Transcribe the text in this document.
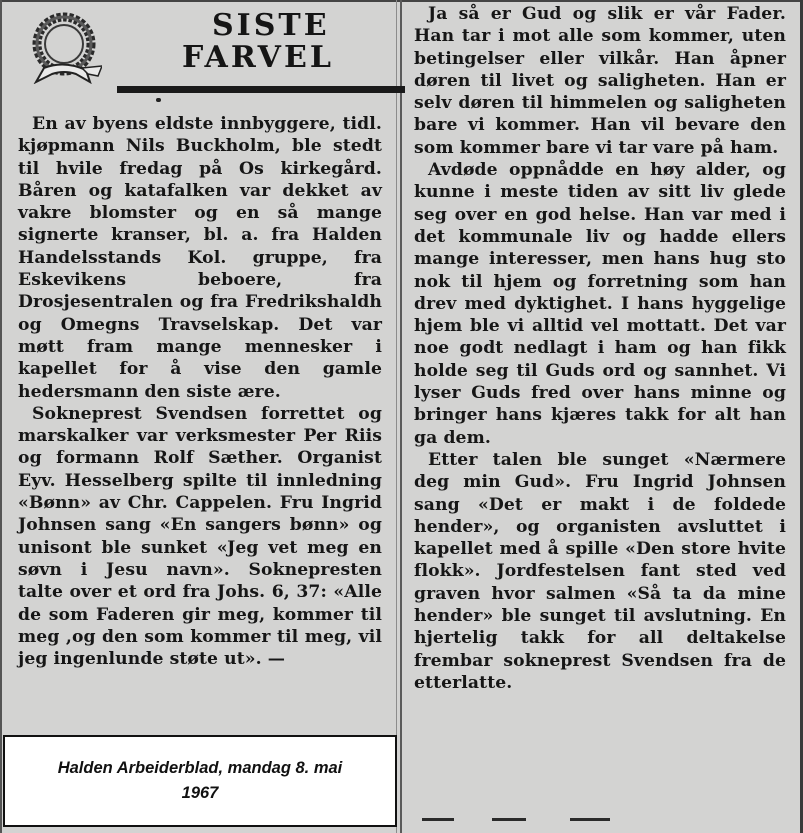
SISTE
FARVEL

En av byens eldste innbyggere, tidl. kjøpmann Nils Buckholm, ble stedt til hvile fredag på Os kirkegård. Båren og katafalken var dekket av vakre blomster og en så mange signerte kranser, bl. a. fra Halden Handelsstands Kol. gruppe, fra Eskevikens beboere, fra Drosjesentralen og fra Fredrikshaldh og Omegns Travselskap. Det var møtt fram mange mennesker i kapellet for å vise den gamle hedersmann den siste ære.

Sokneprest Svendsen forrettet og marskalker var verksmester Per Riis og formann Rolf Sæther. Organist Eyv. Hesselberg spilte til innledning «Bønn» av Chr. Cappelen. Fru Ingrid Johnsen sang «En sangers bønn» og unisont ble sunket «Jeg vet meg en søvn i Jesu navn». Soknepresten talte over et ord fra Johs. 6, 37: «Alle de som Faderen gir meg, kommer til meg ,og den som kommer til meg, vil jeg ingenlunde støte ut». —

Ja så er Gud og slik er vår Fader. Han tar i mot alle som kommer, uten betingelser eller vilkår. Han åpner døren til livet og saligheten. Han er selv døren til himmelen og saligheten bare vi kommer. Han vil bevare den som kommer bare vi tar vare på ham.

Avdøde oppnådde en høy alder, og kunne i meste tiden av sitt liv glede seg over en god helse. Han var med i det kommunale liv og hadde ellers mange interesser, men hans hug sto nok til hjem og forretning som han drev med dyktighet. I hans hyggelige hjem ble vi alltid vel mottatt. Det var noe godt nedlagt i ham og han fikk holde seg til Guds ord og sannhet. Vi lyser Guds fred over hans minne og bringer hans kjæres takk for alt han ga dem.

Etter talen ble sunget «Nærmere deg min Gud». Fru Ingrid Johnsen sang «Det er makt i de foldede hender», og organisten avsluttet i kapellet med å spille «Den store hvite flokk». Jordfestelsen fant sted ved graven hvor salmen «Så ta da mine hender» ble sunget til avslutning. En hjertelig takk for all deltakelse frembar sokneprest Svendsen fra de etterlatte.

Halden Arbeiderblad, mandag 8. mai
1967
